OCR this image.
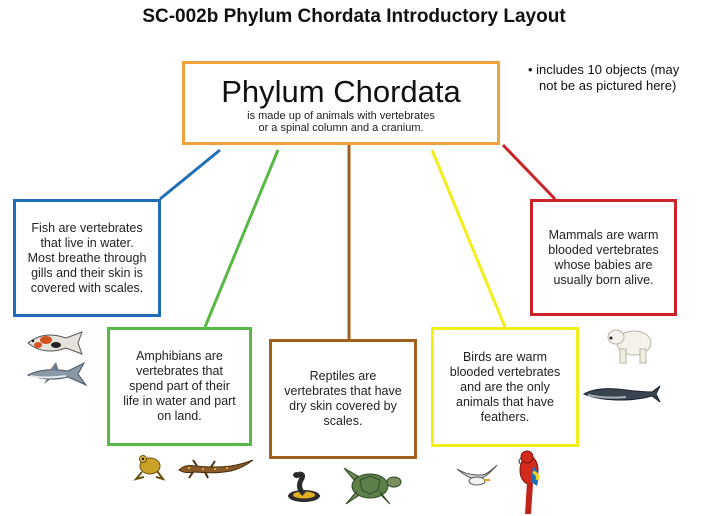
SC-002b Phylum Chordata Introductory Layout
• includes 10 objects (may
not be as pictured here)
Phylum Chordata
is made up of animals with vertebrates
or a spinal column and a cranium.
Fish are vertebrates that live in water. Most breathe through gills and their skin is covered with scales.
Amphibians are vertebrates that spend part of their life in water and part on land.
Reptiles are vertebrates that have dry skin covered by scales.
Birds are warm blooded vertebrates and are the only animals that have feathers.
Mammals are warm blooded vertebrates whose babies are usually born alive.
